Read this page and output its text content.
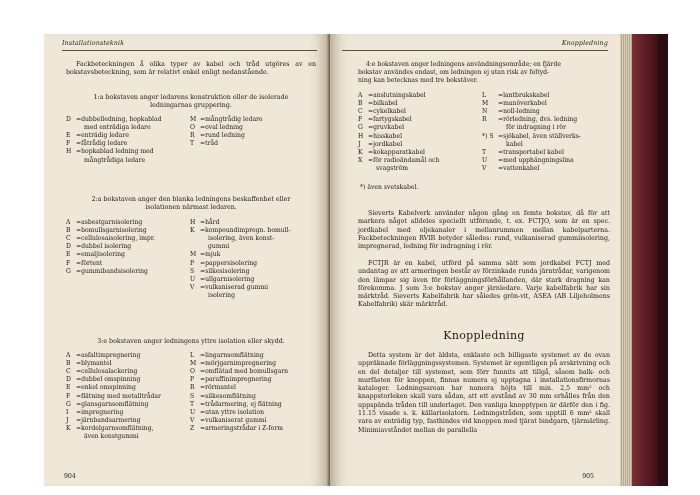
Installationsteknik

Fackbeteckningen å olika typer av kabel och tråd utgöres av en bokstavsbeteckning, som är relativt enkel enligt nedanstående.

1:a bokstaven anger ledarens konstruktion eller de isolerade
ledningarnas gruppering.
D =dubbelledning, hopkablad
med enträdiga ledare
E =enträdig ledare
F =fåtrådig ledare
H =hopkablad ledning med
mångtrådiga ledare
M =mångtrådig ledare
O =oval ledning
R =rund ledning
T =tråd
2:a bokstaven anger den blanka ledningens beskaffenhet eller
isolationen närmast ledaren.
A =asbestgarnisolering
B =bomullsgarnisolering
C =cellulosaisolering, impr.
D =dubbel isolering
E =emaljisolering
F =förtent
G =gummibandsisolering
H =hård
K =kompoundimpregn. bomull-
isolering, även konst-
gummi
M =mjuk
P =pappersisolering
S =silkesisolering
U =ullgarnisolering
V =vulkaniserad gummi
isolering
3:e bokstaven anger ledningens yttre isolation eller skydd.
A =asfaltimpregnering
B =blymantel
C =cellulosalackering
D =dubbel omspinning
E =enkel omspinning
F =flätning med metalltrådar
G =glansgarnsomflätning
I =impregnering
J =järnbandsarmering
K =kordelgarnsomflätning,
även konstgummi
L =lingarnsomflätning
M =mörjgarnimpregnering
O =omflätad med bomullsgarn
P =paraffinimpregnering
R =rörmantel
S =silkesomflätning
T =trådarmering, ej flätning
U =utan yttre isolation
V =vulkaniserat gummi
Z =armeringstrådar i Z-form
904
Knoppledning
4:e bokstaven anger ledningens användningsområde; en fjärde
bokstav användes endast, om ledningen ej utan risk av feltyd-
ning kan betecknas med tre bokstäver.
A =anslutningskabel
B =bilkabel
C =cykelkabel
F =fartygskabel
G =gruvkabel
H =hisskabel
J =jordkabel
K =kokapparatkabel
X =för radioändamål och
svagström
L =lantbrukskabel
M =manöverkabel
N =noll-ledning
R =rörledning, dvs. ledning
för indragning i rör
*) S =sjökabel, även ställverks-
kabel
T =transportabel kabel
U =med upphängningslina
V =vattenkabel
*) även svetskabel.

Sieverts Kabelverk använder någon gång en femte bokstav, då för att markera något alldeles speciellt utförande, t. ex. FCTJO, som är en spec. jordkabel med oljekanaler i mellanrummen mellan kabelparterna. Fackbeteckningen RVIR betyder således: rund, vulkaniserad gummiisolering, impregnerad, ledning för indragning i rör.

FCTJR är en kabel, utförd på samma sätt som jordkabel FCTJ med undantag av att armeringen består av förzinkade runda järntrådar, varigenom den lämpar sig även för förläggningsförhållanden, där stark dragning kan förekomma. J som 3:e bokstav anger järnledare. Varje kabelfabrik har sin märktråd. Sieverts Kabelfabrik har således grön-vit, ASEA (AB Liljeholmens Kabelfabrik) skär märktråd.

Knoppledning

Detta system är det äldsta, enklaste och billigaste systemet av de ovan uppräknade förläggningssystemen. Systemet är egentligen på avskrivning och en del detaljer till systemet, som förr funnits att tillgå, såsom balk- och murfästen för knoppen, finnas numera ej upptagna i installationsfirmornas kataloger. Ledningsarean har numera höjts till min. 2,5 mm² och knappstorleken skall vara sådan, att ett avstånd av 30 mm erhålles från den uppspända tråden till underlaget. Den vanliga knopptypen är därför den i fig. 11.15 visade s. k. källarisolatorn. Ledningstråden, som upptill 6 mm² skall vara av enträdig typ, fasthindes vid knoppen med tjärat bindgarn, tjärmärling. Minimiavståndet mellan de parallella

905
